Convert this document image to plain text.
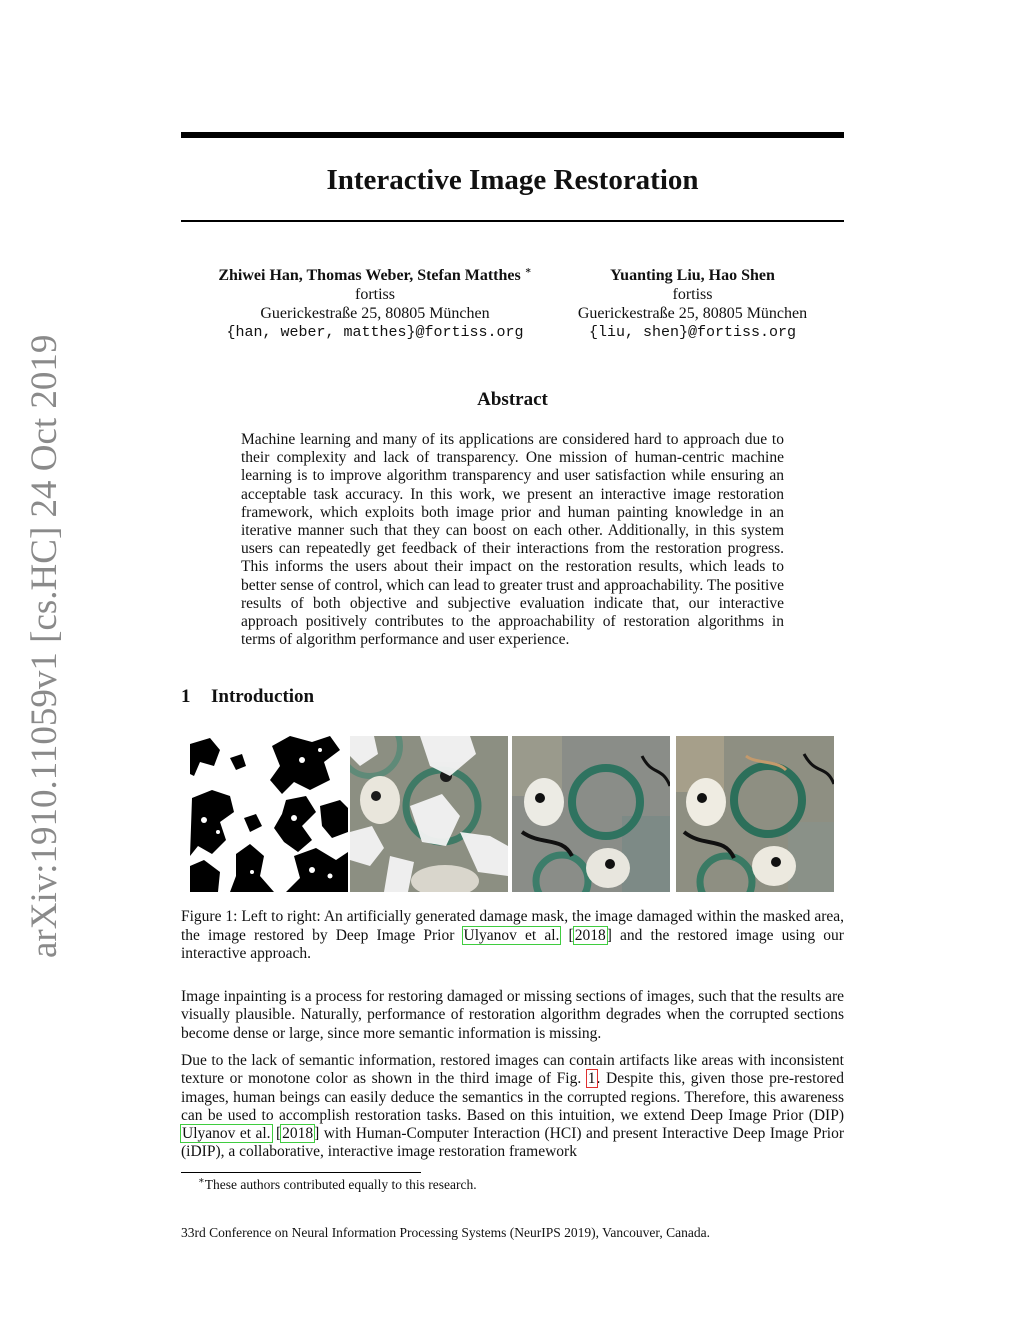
arXiv:1910.11059v1 [cs.HC] 24 Oct 2019
Interactive Image Restoration
Zhiwei Han, Thomas Weber, Stefan Matthes ∗
fortiss
Guerickestraße 25, 80805 München
{han, weber, matthes}@fortiss.org
Yuanting Liu, Hao Shen
fortiss
Guerickestraße 25, 80805 München
{liu, shen}@fortiss.org
Abstract

Machine learning and many of its applications are considered hard to approach due to their complexity and lack of transparency. One mission of human-centric machine learning is to improve algorithm transparency and user satisfaction while ensuring an acceptable task accuracy. In this work, we present an interactive image restoration framework, which exploits both image prior and human painting knowledge in an iterative manner such that they can boost on each other. Additionally, in this system users can repeatedly get feedback of their interactions from the restoration progress. This informs the users about their impact on the restoration results, which leads to better sense of control, which can lead to greater trust and approachability. The positive results of both objective and subjective evaluation indicate that, our interactive approach positively contributes to the approachability of restoration algorithms in terms of algorithm performance and user experience.

1 Introduction

Figure 1: Left to right: An artificially generated damage mask, the image damaged within the masked area, the image restored by Deep Image Prior Ulyanov et al. [2018] and the restored image using our interactive approach.

Image inpainting is a process for restoring damaged or missing sections of images, such that the results are visually plausible. Naturally, performance of restoration algorithm degrades when the corrupted sections become dense or large, since more semantic information is missing.

Due to the lack of semantic information, restored images can contain artifacts like areas with inconsistent texture or monotone color as shown in the third image of Fig. 1. Despite this, given those pre-restored images, human beings can easily deduce the semantics in the corrupted regions. Therefore, this awareness can be used to accomplish restoration tasks. Based on this intuition, we extend Deep Image Prior (DIP) Ulyanov et al. [2018] with Human-Computer Interaction (HCI) and present Interactive Deep Image Prior (iDIP), a collaborative, interactive image restoration framework

∗These authors contributed equally to this research.

33rd Conference on Neural Information Processing Systems (NeurIPS 2019), Vancouver, Canada.
